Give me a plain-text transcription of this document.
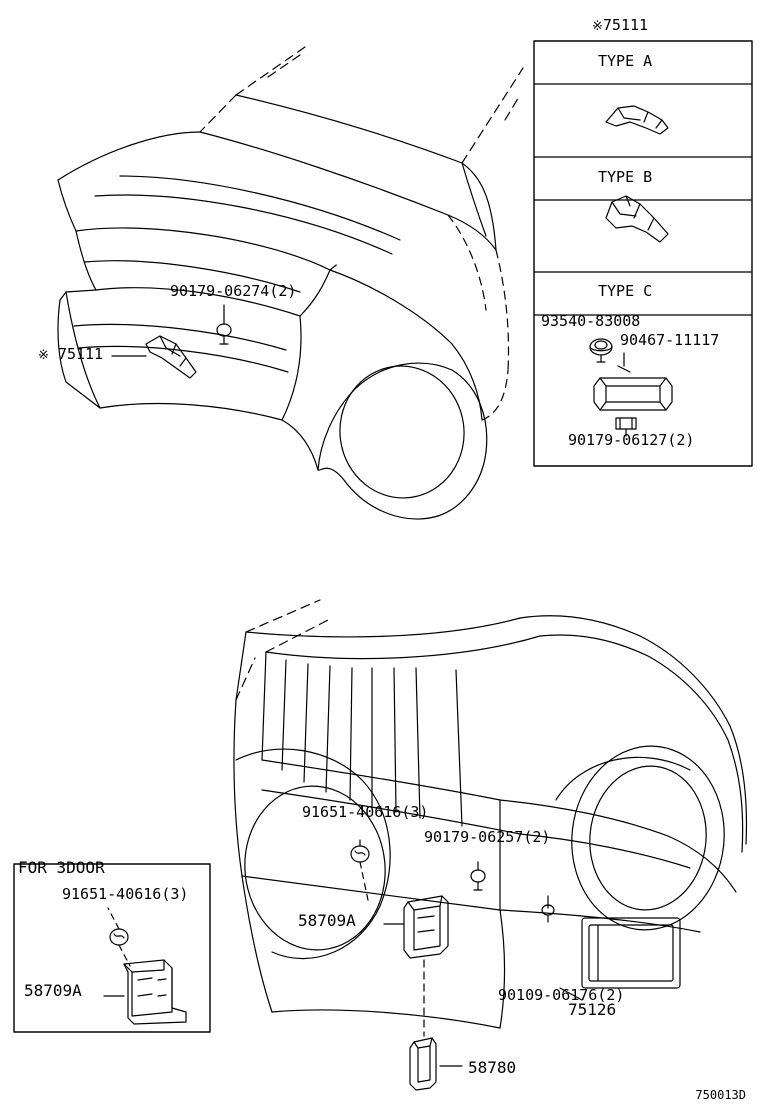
※75111
TYPE A
TYPE B
TYPE C
93540-83008
90467-11117
90179-06127(2)
90179-06274(2)
※ 75111
91651-40616(3)
90179-06257(2)
58709A
90109-06176(2)
75126
58780
FOR 3DOOR
91651-40616(3)
58709A
750013D
